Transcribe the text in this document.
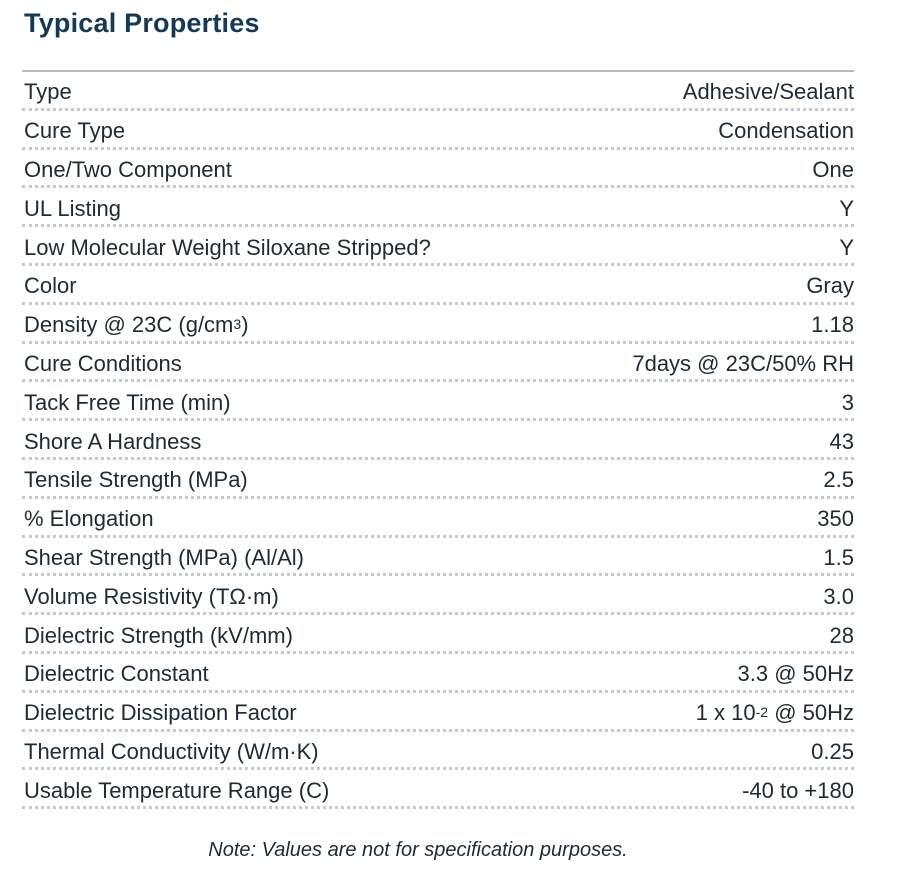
Typical Properties
Type	Adhesive/Sealant
Cure Type	Condensation
One/Two Component	One
UL Listing	Y
Low Molecular Weight Siloxane Stripped?	Y
Color	Gray
Density @ 23C $(g/cm^3)$	1.18
Cure Conditions	7days @ 23C/50% RH
Tack Free Time (min)	3
Shore A Hardness	43
Tensile Strength (MPa)	2.5
% Elongation	350
Shear Strength (MPa) (Al/Al)	1.5
Volume Resistivity (TΩ·m)	3.0
Dielectric Strength (kV/mm)	28
Dielectric Constant	3.3 @ 50Hz
Dielectric Dissipation Factor	1 x $10^{-2}$ @ 50Hz
Thermal Conductivity (W/m·K)	0.25
Usable Temperature Range (C)	-40 to +180
Note: Values are not for specification purposes.
